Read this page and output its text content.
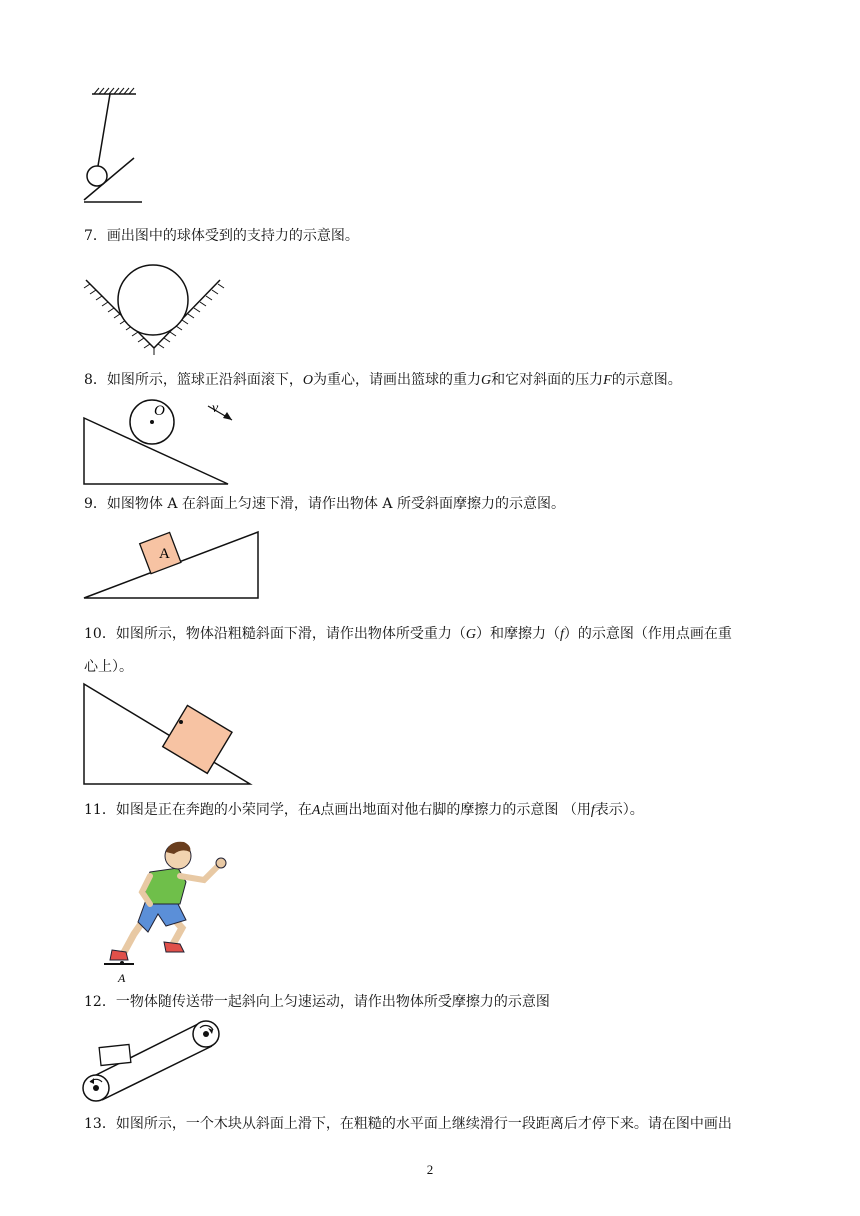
7．画出图中的球体受到的支持力的示意图。
8．如图所示，篮球正沿斜面滚下，O为重心，请画出篮球的重力G和它对斜面的压力F的示意图。
O	v
9．如图物体 A 在斜面上匀速下滑，请作出物体 A 所受斜面摩擦力的示意图。
A
10．如图所示，物体沿粗糙斜面下滑，请作出物体所受重力（G）和摩擦力（f）的示意图（作用点画在重
心上）。
11．如图是正在奔跑的小荣同学，在A点画出地面对他右脚的摩擦力的示意图 （用f表示）。
A
12．一物体随传送带一起斜向上匀速运动，请作出物体所受摩擦力的示意图
13．如图所示，一个木块从斜面上滑下，在粗糙的水平面上继续滑行一段距离后才停下来。请在图中画出
2
